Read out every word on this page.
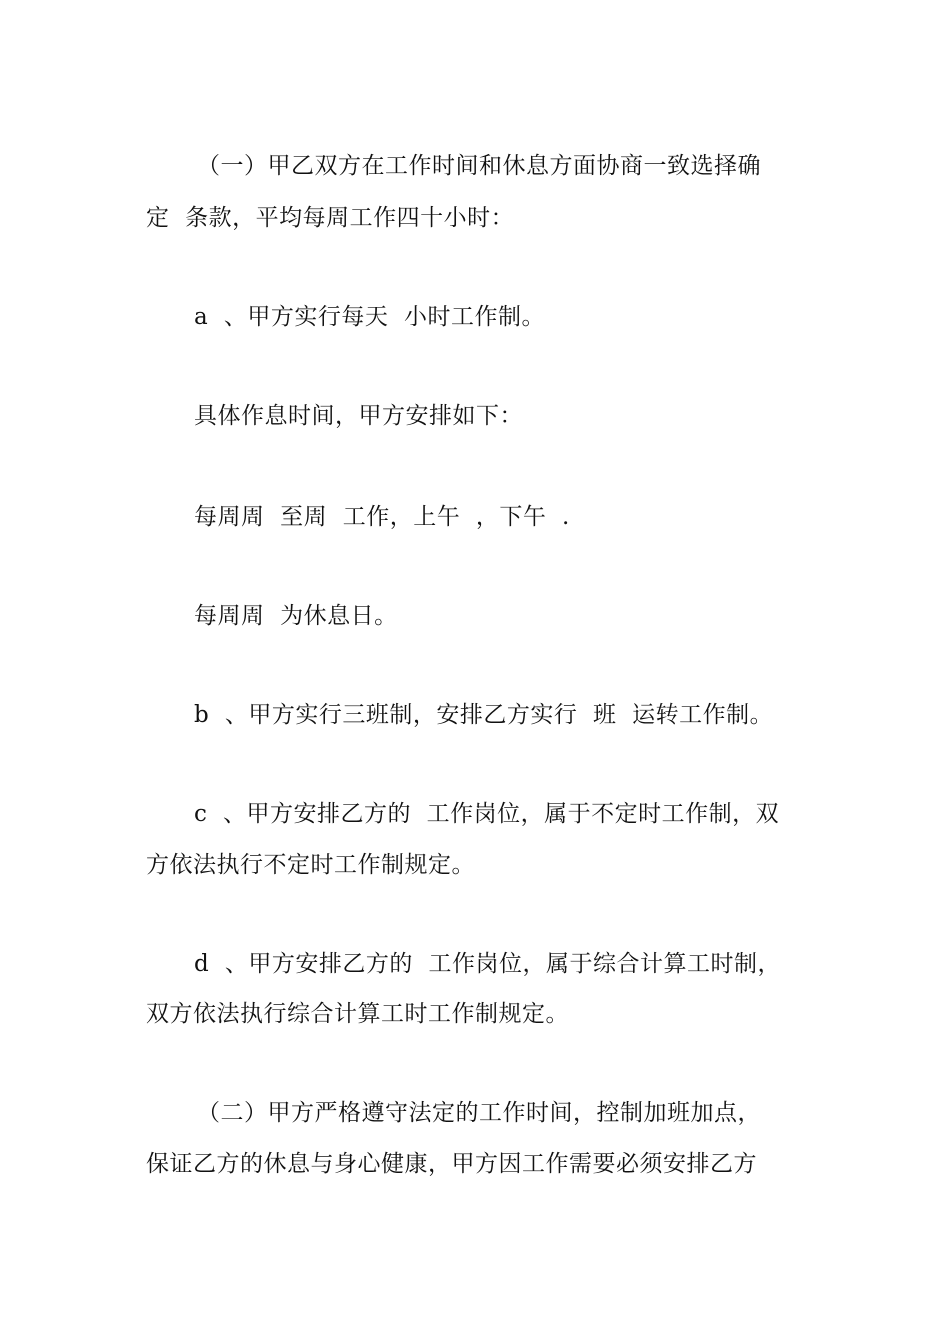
（一）甲乙双方在工作时间和休息方面协商一致选择确

定  条款，平均每周工作四十小时：

a  、甲方实行每天  小时工作制。

具体作息时间，甲方安排如下：

每周周  至周  工作，上午  ，下午  .

每周周  为休息日。

b  、甲方实行三班制，安排乙方实行  班  运转工作制。

c  、甲方安排乙方的  工作岗位，属于不定时工作制，双

方依法执行不定时工作制规定。

d  、甲方安排乙方的  工作岗位，属于综合计算工时制，

双方依法执行综合计算工时工作制规定。

（二）甲方严格遵守法定的工作时间，控制加班加点，

保证乙方的休息与身心健康，甲方因工作需要必须安排乙方
